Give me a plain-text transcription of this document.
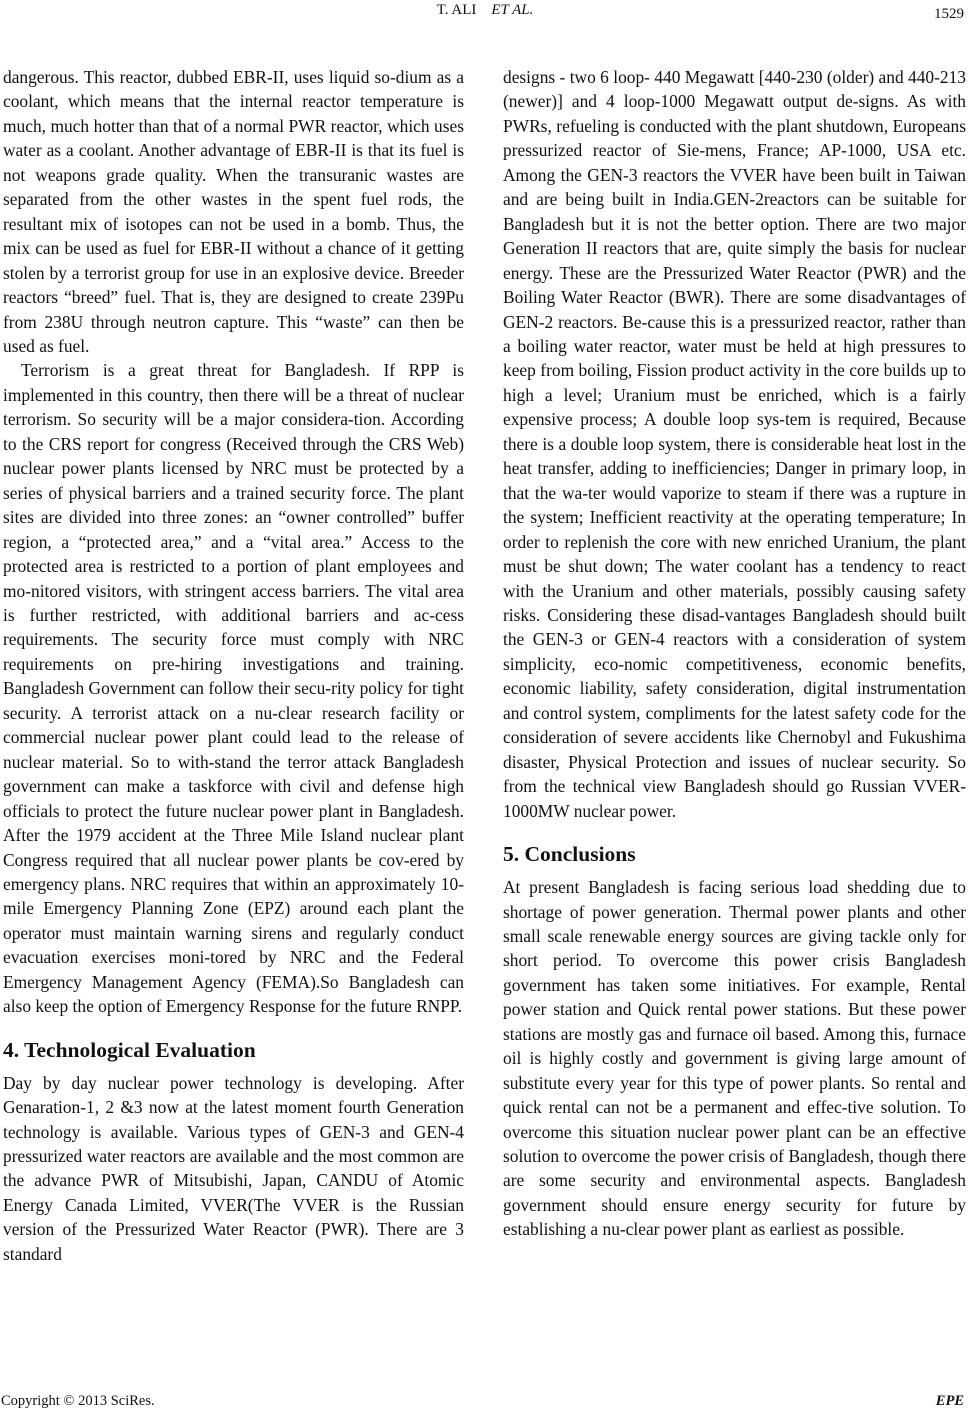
T. ALI ET AL.	1529

dangerous. This reactor, dubbed EBR-II, uses liquid so-dium as a coolant, which means that the internal reactor temperature is much, much hotter than that of a normal PWR reactor, which uses water as a coolant. Another advantage of EBR-II is that its fuel is not weapons grade quality. When the transuranic wastes are separated from the other wastes in the spent fuel rods, the resultant mix of isotopes can not be used in a bomb. Thus, the mix can be used as fuel for EBR-II without a chance of it getting stolen by a terrorist group for use in an explosive device. Breeder reactors “breed” fuel. That is, they are designed to create 239Pu from 238U through neutron capture. This “waste” can then be used as fuel.

Terrorism is a great threat for Bangladesh. If RPP is implemented in this country, then there will be a threat of nuclear terrorism. So security will be a major considera-tion. According to the CRS report for congress (Received through the CRS Web) nuclear power plants licensed by NRC must be protected by a series of physical barriers and a trained security force. The plant sites are divided into three zones: an “owner controlled” buffer region, a “protected area,” and a “vital area.” Access to the protected area is restricted to a portion of plant employees and mo-nitored visitors, with stringent access barriers. The vital area is further restricted, with additional barriers and ac-cess requirements. The security force must comply with NRC requirements on pre-hiring investigations and training. Bangladesh Government can follow their secu-rity policy for tight security. A terrorist attack on a nu-clear research facility or commercial nuclear power plant could lead to the release of nuclear material. So to with-stand the terror attack Bangladesh government can make a taskforce with civil and defense high officials to protect the future nuclear power plant in Bangladesh. After the 1979 accident at the Three Mile Island nuclear plant Congress required that all nuclear power plants be cov-ered by emergency plans. NRC requires that within an approximately 10-mile Emergency Planning Zone (EPZ) around each plant the operator must maintain warning sirens and regularly conduct evacuation exercises moni-tored by NRC and the Federal Emergency Management Agency (FEMA).So Bangladesh can also keep the option of Emergency Response for the future RNPP.

4. Technological Evaluation

Day by day nuclear power technology is developing. After Genaration-1, 2 &3 now at the latest moment fourth Generation technology is available. Various types of GEN-3 and GEN-4 pressurized water reactors are available and the most common are the advance PWR of Mitsubishi, Japan, CANDU of Atomic Energy Canada Limited, VVER(The VVER is the Russian version of the Pressurized Water Reactor (PWR). There are 3 standard

designs - two 6 loop- 440 Megawatt [440-230 (older) and 440-213 (newer)] and 4 loop-1000 Megawatt output de-signs. As with PWRs, refueling is conducted with the plant shutdown, Europeans pressurized reactor of Sie-mens, France; AP-1000, USA etc. Among the GEN-3 reactors the VVER have been built in Taiwan and are being built in India.GEN-2reactors can be suitable for Bangladesh but it is not the better option. There are two major Generation II reactors that are, quite simply the basis for nuclear energy. These are the Pressurized Water Reactor (PWR) and the Boiling Water Reactor (BWR). There are some disadvantages of GEN-2 reactors. Be-cause this is a pressurized reactor, rather than a boiling water reactor, water must be held at high pressures to keep from boiling, Fission product activity in the core builds up to high a level; Uranium must be enriched, which is a fairly expensive process; A double loop sys-tem is required, Because there is a double loop system, there is considerable heat lost in the heat transfer, adding to inefficiencies; Danger in primary loop, in that the wa-ter would vaporize to steam if there was a rupture in the system; Inefficient reactivity at the operating temperature; In order to replenish the core with new enriched Uranium, the plant must be shut down; The water coolant has a tendency to react with the Uranium and other materials, possibly causing safety risks. Considering these disad-vantages Bangladesh should built the GEN-3 or GEN-4 reactors with a consideration of system simplicity, eco-nomic competitiveness, economic benefits, economic liability, safety consideration, digital instrumentation and control system, compliments for the latest safety code for the consideration of severe accidents like Chernobyl and Fukushima disaster, Physical Protection and issues of nuclear security. So from the technical view Bangladesh should go Russian VVER-1000MW nuclear power.

5. Conclusions

At present Bangladesh is facing serious load shedding due to shortage of power generation. Thermal power plants and other small scale renewable energy sources are giving tackle only for short period. To overcome this power crisis Bangladesh government has taken some initiatives. For example, Rental power station and Quick rental power stations. But these power stations are mostly gas and furnace oil based. Among this, furnace oil is highly costly and government is giving large amount of substitute every year for this type of power plants. So rental and quick rental can not be a permanent and effec-tive solution. To overcome this situation nuclear power plant can be an effective solution to overcome the power crisis of Bangladesh, though there are some security and environmental aspects. Bangladesh government should ensure energy security for future by establishing a nu-clear power plant as earliest as possible.

Copyright © 2013 SciRes.	EPE
